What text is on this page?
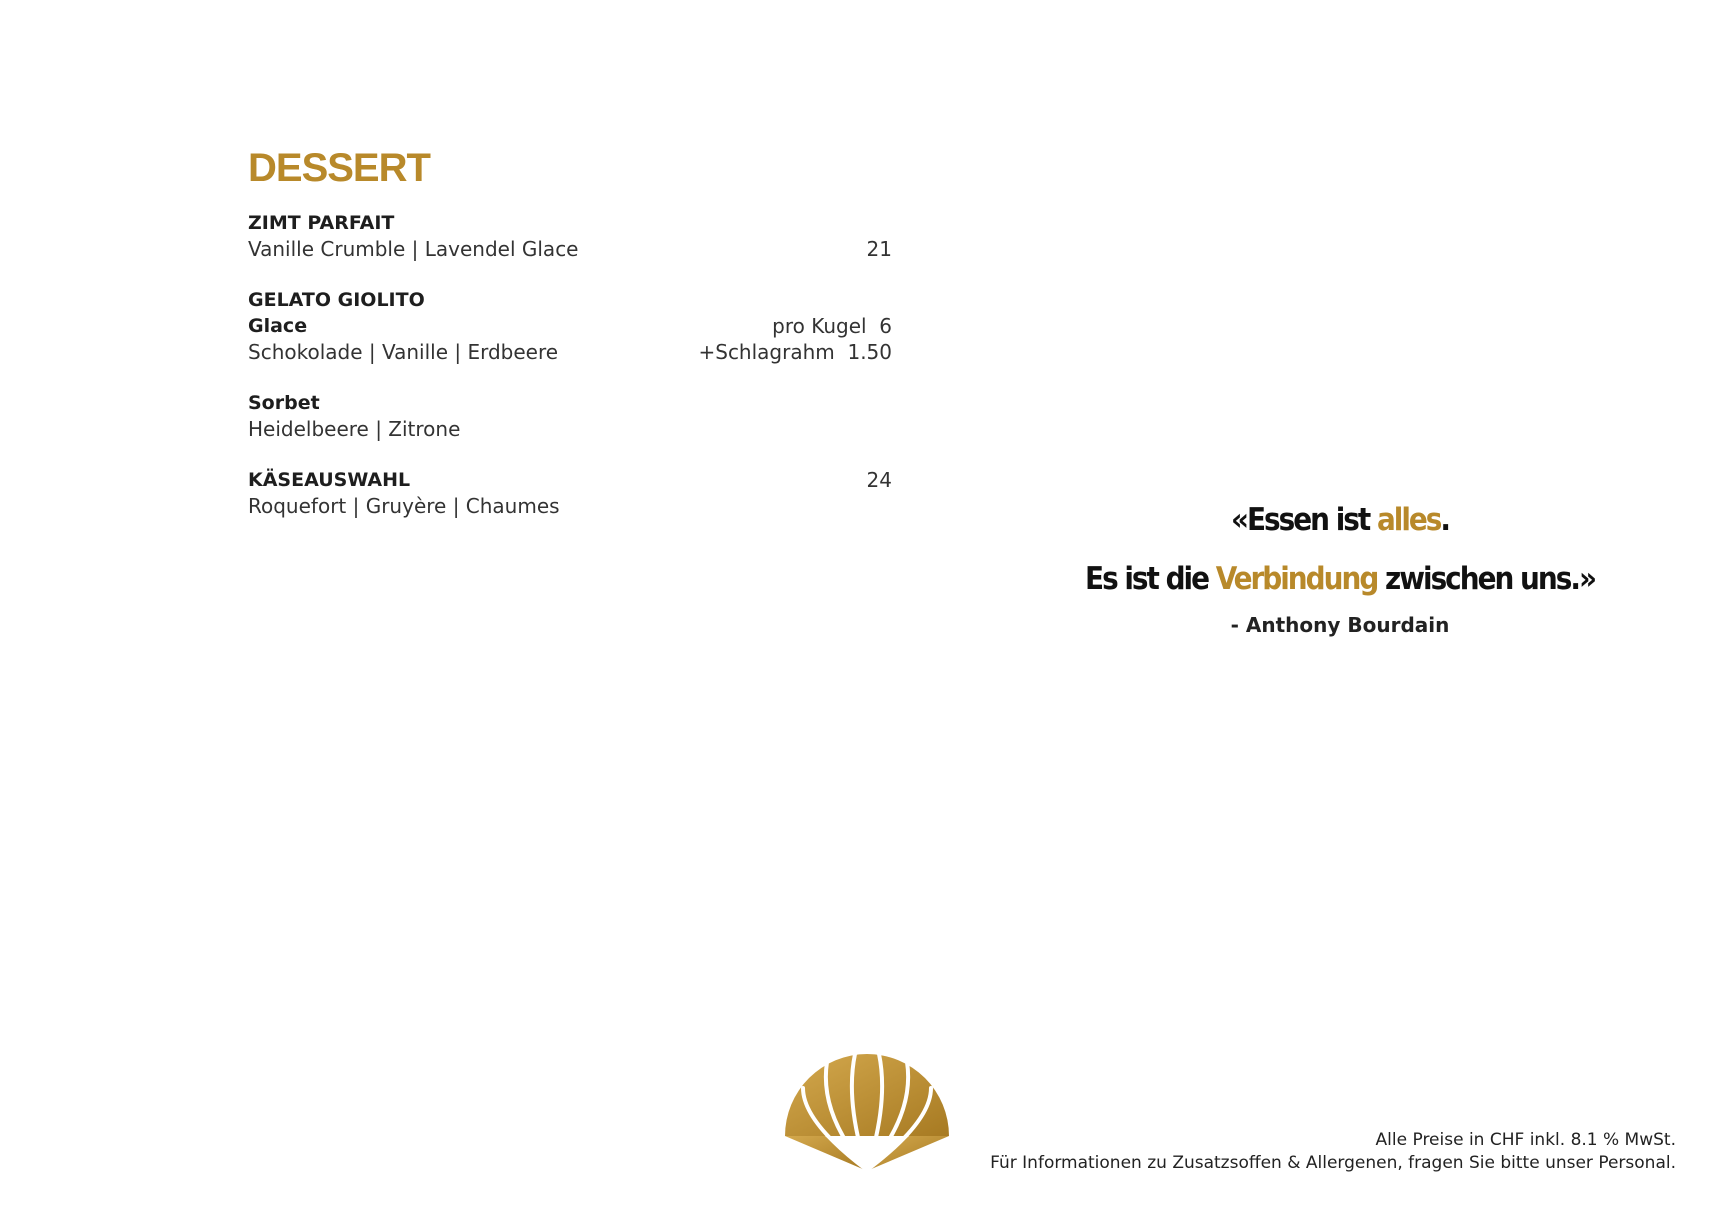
DESSERT
ZIMT PARFAIT
Vanille Crumble | Lavendel Glace	21
GELATO GIOLITO
Glace	pro Kugel  6
Schokolade | Vanille | Erdbeere	+Schlagrahm  1.50
Sorbet
Heidelbeere | Zitrone
KÄSEAUSWAHL	24
Roquefort | Gruyère | Chaumes	«Essen ist alles.
Es ist die Verbindung zwischen uns.»
- Anthony Bourdain
Alle Preise in CHF inkl. 8.1 % MwSt.
Für Informationen zu Zusatzsoffen & Allergenen, fragen Sie bitte unser Personal.
